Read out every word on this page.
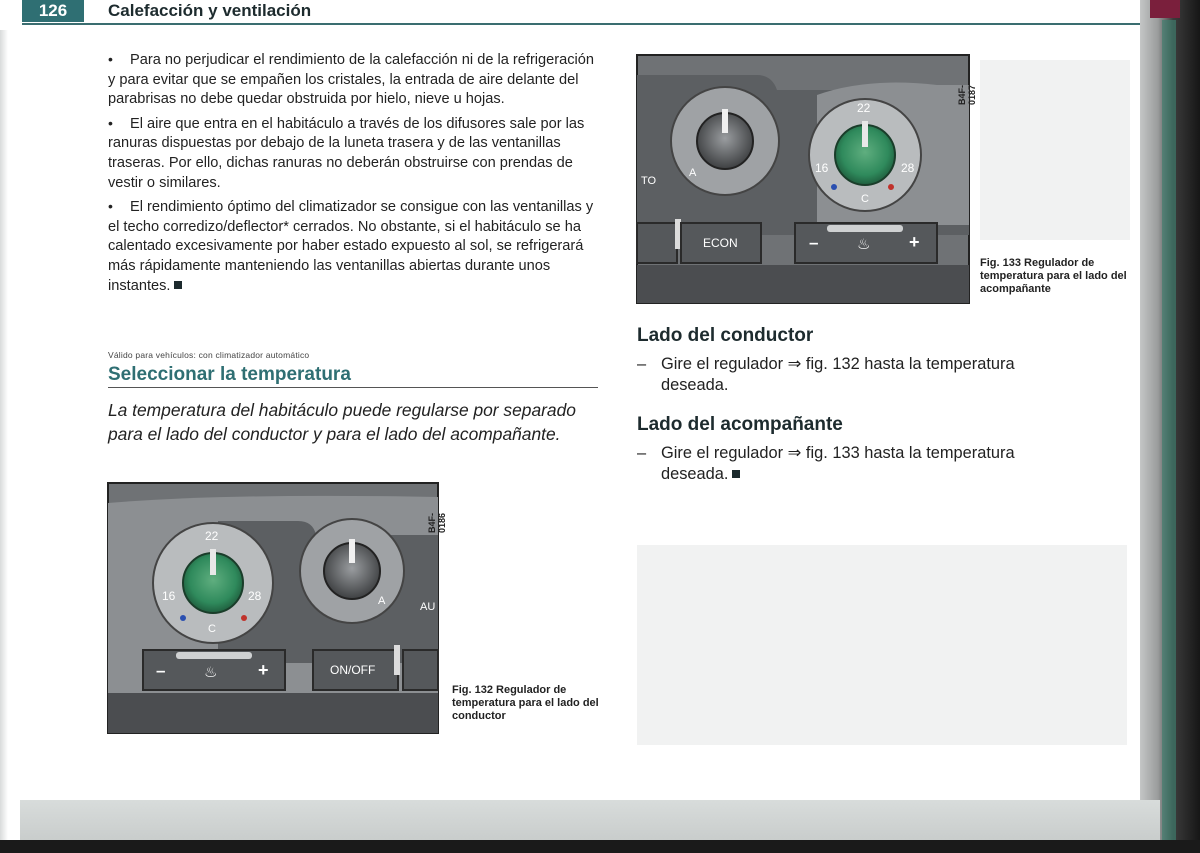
126	Calefacción y ventilación

• Para no perjudicar el rendimiento de la calefacción ni de la refrigeración y para evitar que se empañen los cristales, la entrada de aire delante del parabrisas no debe quedar obstruida por hielo, nieve u hojas.

• El aire que entra en el habitáculo a través de los difusores sale por las ranuras dispuestas por debajo de la luneta trasera y de las ventanillas traseras. Por ello, dichas ranuras no deberán obstruirse con prendas de vestir o similares.

• El rendimiento óptimo del climatizador se consigue con las ventanillas y el techo corredizo/deflector* cerrados. No obstante, si el habitáculo se ha calentado excesivamente por haber estado expuesto al sol, se refrigerará más rápidamente manteniendo las ventanillas abiertas durante unos instantes.

Válido para vehículos: con climatizador automático
Seleccionar la temperatura
La temperatura del habitáculo puede regularse por separado para el lado del conductor y para el lado del acompañante.
22
16	28
C
A	AU
–	♨ +	ON/OFF
B4F-0186
Fig. 132 Regulador de temperatura para el lado del conductor
22
16	28
C
A
TO
ECON	–	♨ +
B4F-0187
Fig. 133 Regulador de temperatura para el lado del acompañante
Lado del conductor
– Gire el regulador ⇒ fig. 132 hasta la temperatura deseada.
Lado del acompañante
– Gire el regulador ⇒ fig. 133 hasta la temperatura deseada.
